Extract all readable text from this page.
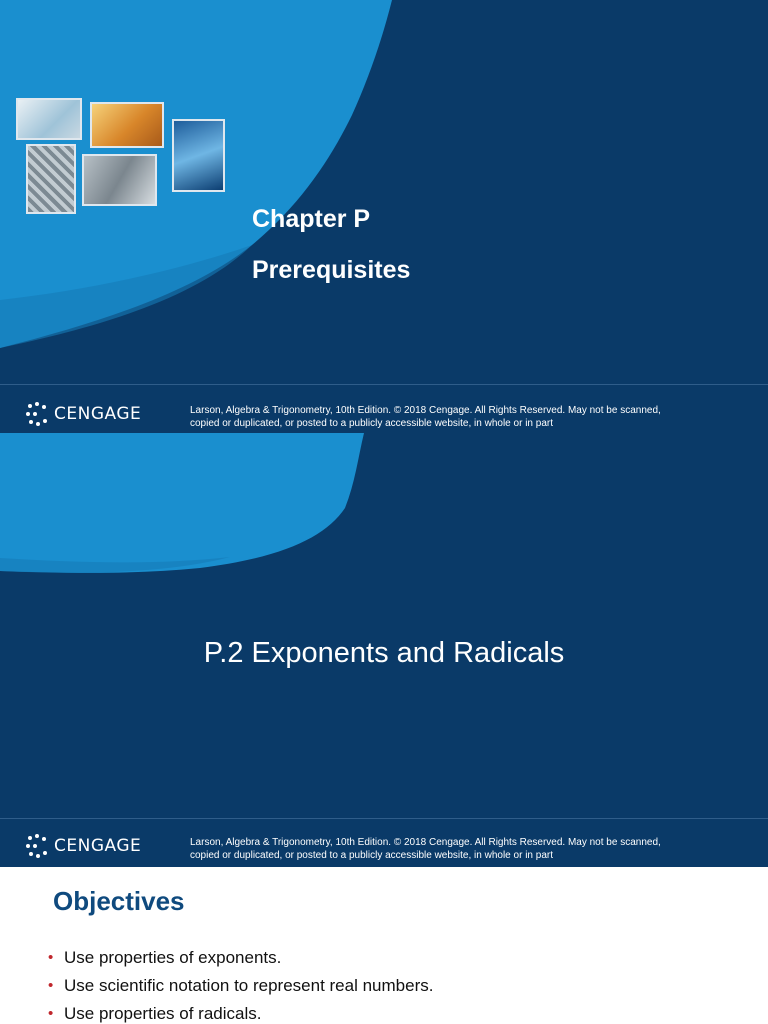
Chapter P
Prerequisites
CENGAGE	Larson, Algebra & Trigonometry, 10th Edition. © 2018 Cengage. All Rights Reserved. May not be scanned,
copied or duplicated, or posted to a publicly accessible website, in whole or in part
P.2 Exponents and Radicals
CENGAGE	Larson, Algebra & Trigonometry, 10th Edition. © 2018 Cengage. All Rights Reserved. May not be scanned,
copied or duplicated, or posted to a publicly accessible website, in whole or in part
Objectives
• Use properties of exponents.
• Use scientific notation to represent real numbers.
• Use properties of radicals.
